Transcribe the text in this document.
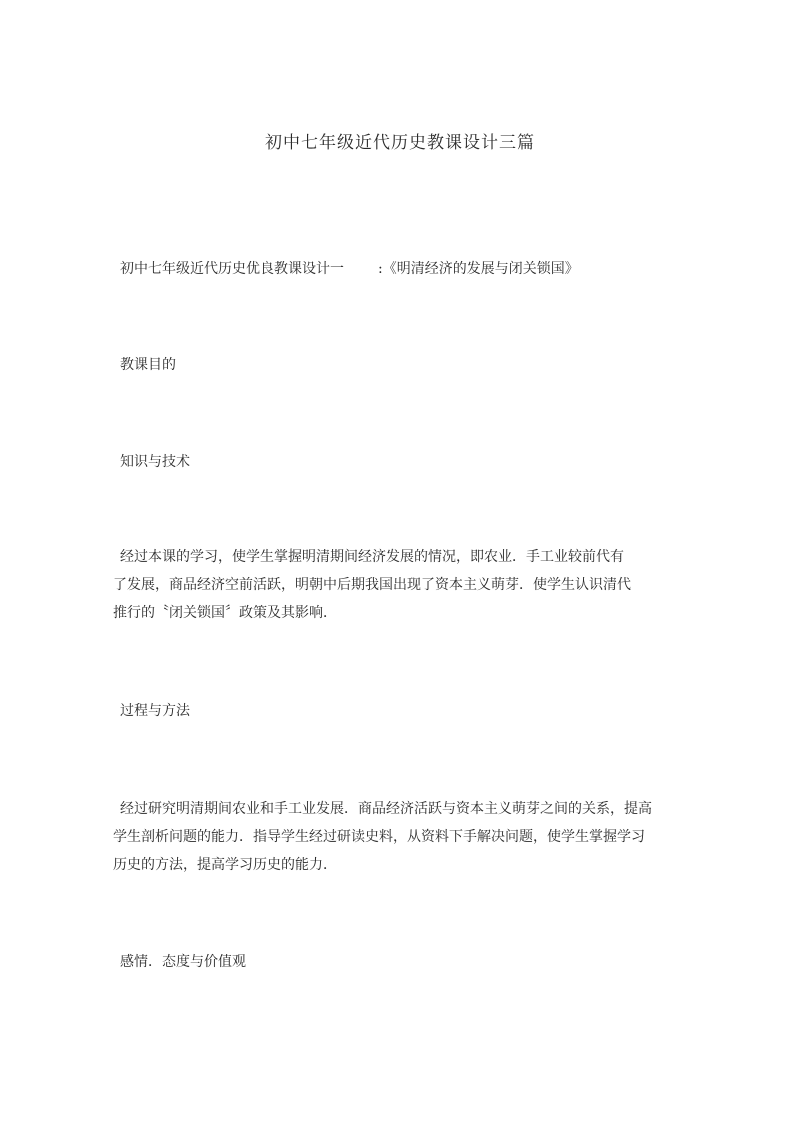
初中七年级近代历史教课设计三篇
初中七年级近代历史优良教课设计一 :《明清经济的发展与闭关锁国》
教课目的
知识与技术
经过本课的学习，使学生掌握明清期间经济发展的情况，即农业．手工业较前代有
了发展，商品经济空前活跃，明朝中后期我国出现了资本主义萌芽．使学生认识清代
推行的〝闭关锁国〞政策及其影响．
过程与方法
经过研究明清期间农业和手工业发展．商品经济活跃与资本主义萌芽之间的关系，提高
学生剖析问题的能力．指导学生经过研读史料，从资料下手解决问题，使学生掌握学习
历史的方法，提高学习历史的能力．
感情．态度与价值观
